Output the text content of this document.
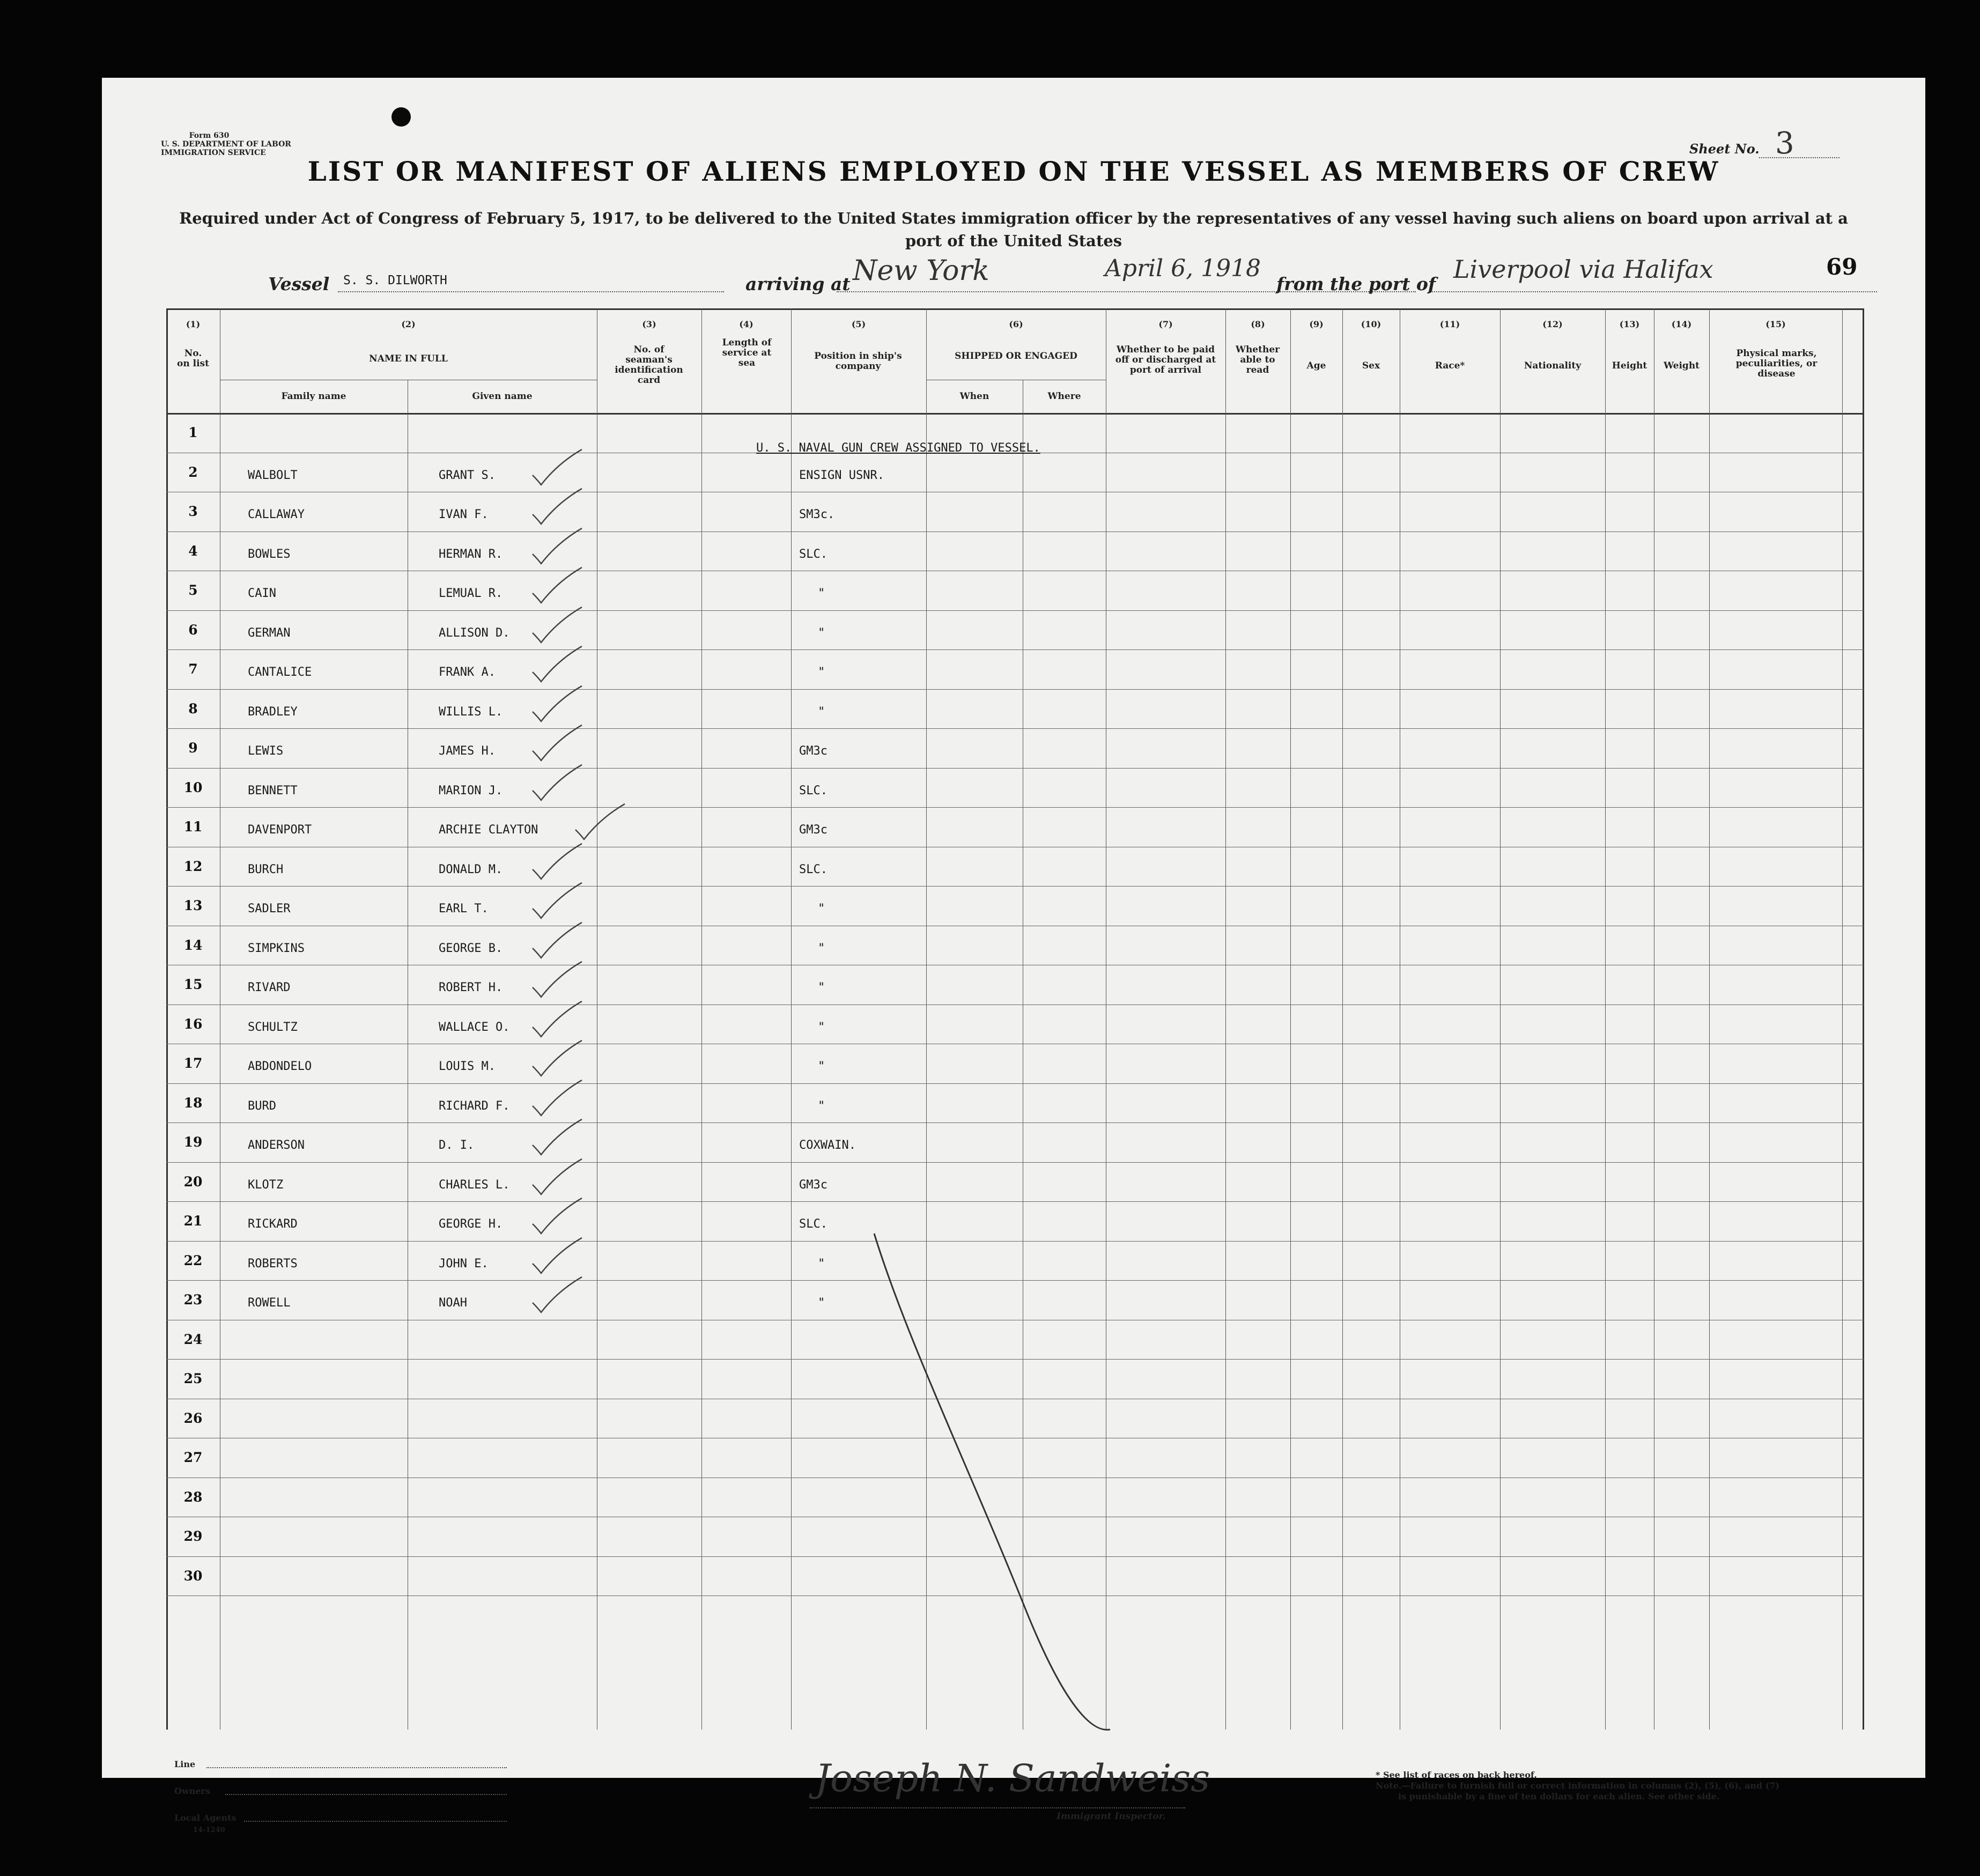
Form 630
U. S. DEPARTMENT OF LABOR
IMMIGRATION SERVICE	Sheet No. 3
LIST OR MANIFEST OF ALIENS EMPLOYED ON THE VESSEL AS MEMBERS OF CREW
Required under Act of Congress of February 5, 1917, to be delivered to the United States immigration officer by the representatives of any vessel having such aliens on board upon arrival at a
port of the United States
Vessel S. S. DILWORTH	arriving at New York	April 6, 1918
from the port of
Liverpool via Halifax	69
(1)	(2)	(3)	(4)	(5)	(6)	(7)	(8)	(9)	(10)	(11)	(12)	(13)	(14)	(15)
No. on list	NAME IN FULL
Family name	Given name
No. of seaman's identification card
Length of service at sea
Position in ship's company
SHIPPED OR ENGAGED
When	Where
Whether to be paid off or discharged at port of arrival
Whether able to read	Age	Sex	Race*	Nationality	Height	Weight
Physical marks, peculiarities, or disease
1
2	WALBOLT	GRANT S.	ENSIGN USNR.
3	CALLAWAY	IVAN F.	SM3c.
4	BOWLES	HERMAN R.	SLC.
5	CAIN	LEMUAL R.	"
6	GERMAN	ALLISON D.	"
7	CANTALICE	FRANK A.	"
8	BRADLEY	WILLIS L.	"
9	LEWIS	JAMES H.	GM3c
10	BENNETT	MARION J.	SLC.
11	DAVENPORT	ARCHIE CLAYTON	GM3c
12	BURCH	DONALD M.	SLC.
13	SADLER	EARL T.	"
14	SIMPKINS	GEORGE B.	"
15	RIVARD	ROBERT H.	"
16	SCHULTZ	WALLACE O.	"
17	ABDONDELO	LOUIS M.	"
18	BURD	RICHARD F.	"
19	ANDERSON	D. I.	COXWAIN.
20	KLOTZ	CHARLES L.	GM3c
21	RICKARD	GEORGE H.	SLC.
22	ROBERTS	JOHN E.	"
23	ROWELL	NOAH	"
24
25
26
27
28
29
30
U. S. NAVAL GUN CREW ASSIGNED TO VESSEL.
Line
Owners
Local Agents
14-1240
Joseph N. Sandweiss
Immigrant Inspector.
* See list of races on back hereof.
Note.—Failure to furnish full or correct information in columns (2), (5), (6), and (7)
is punishable by a fine of ten dollars for each alien. See other side.
